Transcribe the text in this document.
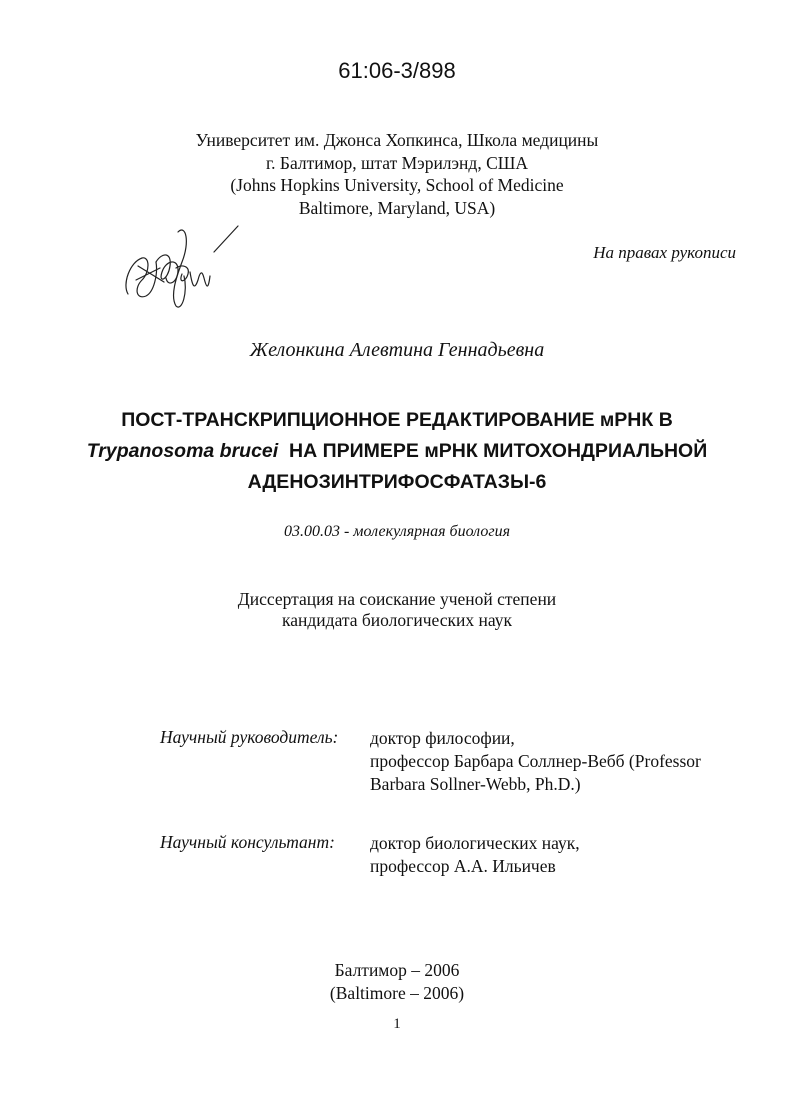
61:06-3/898
Университет им. Джонса Хопкинса, Школа медицины
г. Балтимор, штат Мэрилэнд, США
(Johns Hopkins University, School of Medicine
Baltimore, Maryland, USA)
На правах рукописи
Желонкина Алевтина Геннадьевна
ПОСТ-ТРАНСКРИПЦИОННОЕ РЕДАКТИРОВАНИЕ мРНК В
Trypanosoma brucei НА ПРИМЕРЕ мРНК МИТОХОНДРИАЛЬНОЙ
АДЕНОЗИНТРИФОСФАТАЗЫ-6
03.00.03 - молекулярная биология
Диссертация на соискание ученой степени
кандидата биологических наук
Научный руководитель: доктор философии,
профессор Барбара Соллнер-Вебб (Professor
Barbara Sollner-Webb, Ph.D.)
Научный консультант: доктор биологических наук,
профессор А.А. Ильичев
Балтимор – 2006
(Baltimore – 2006)
1
